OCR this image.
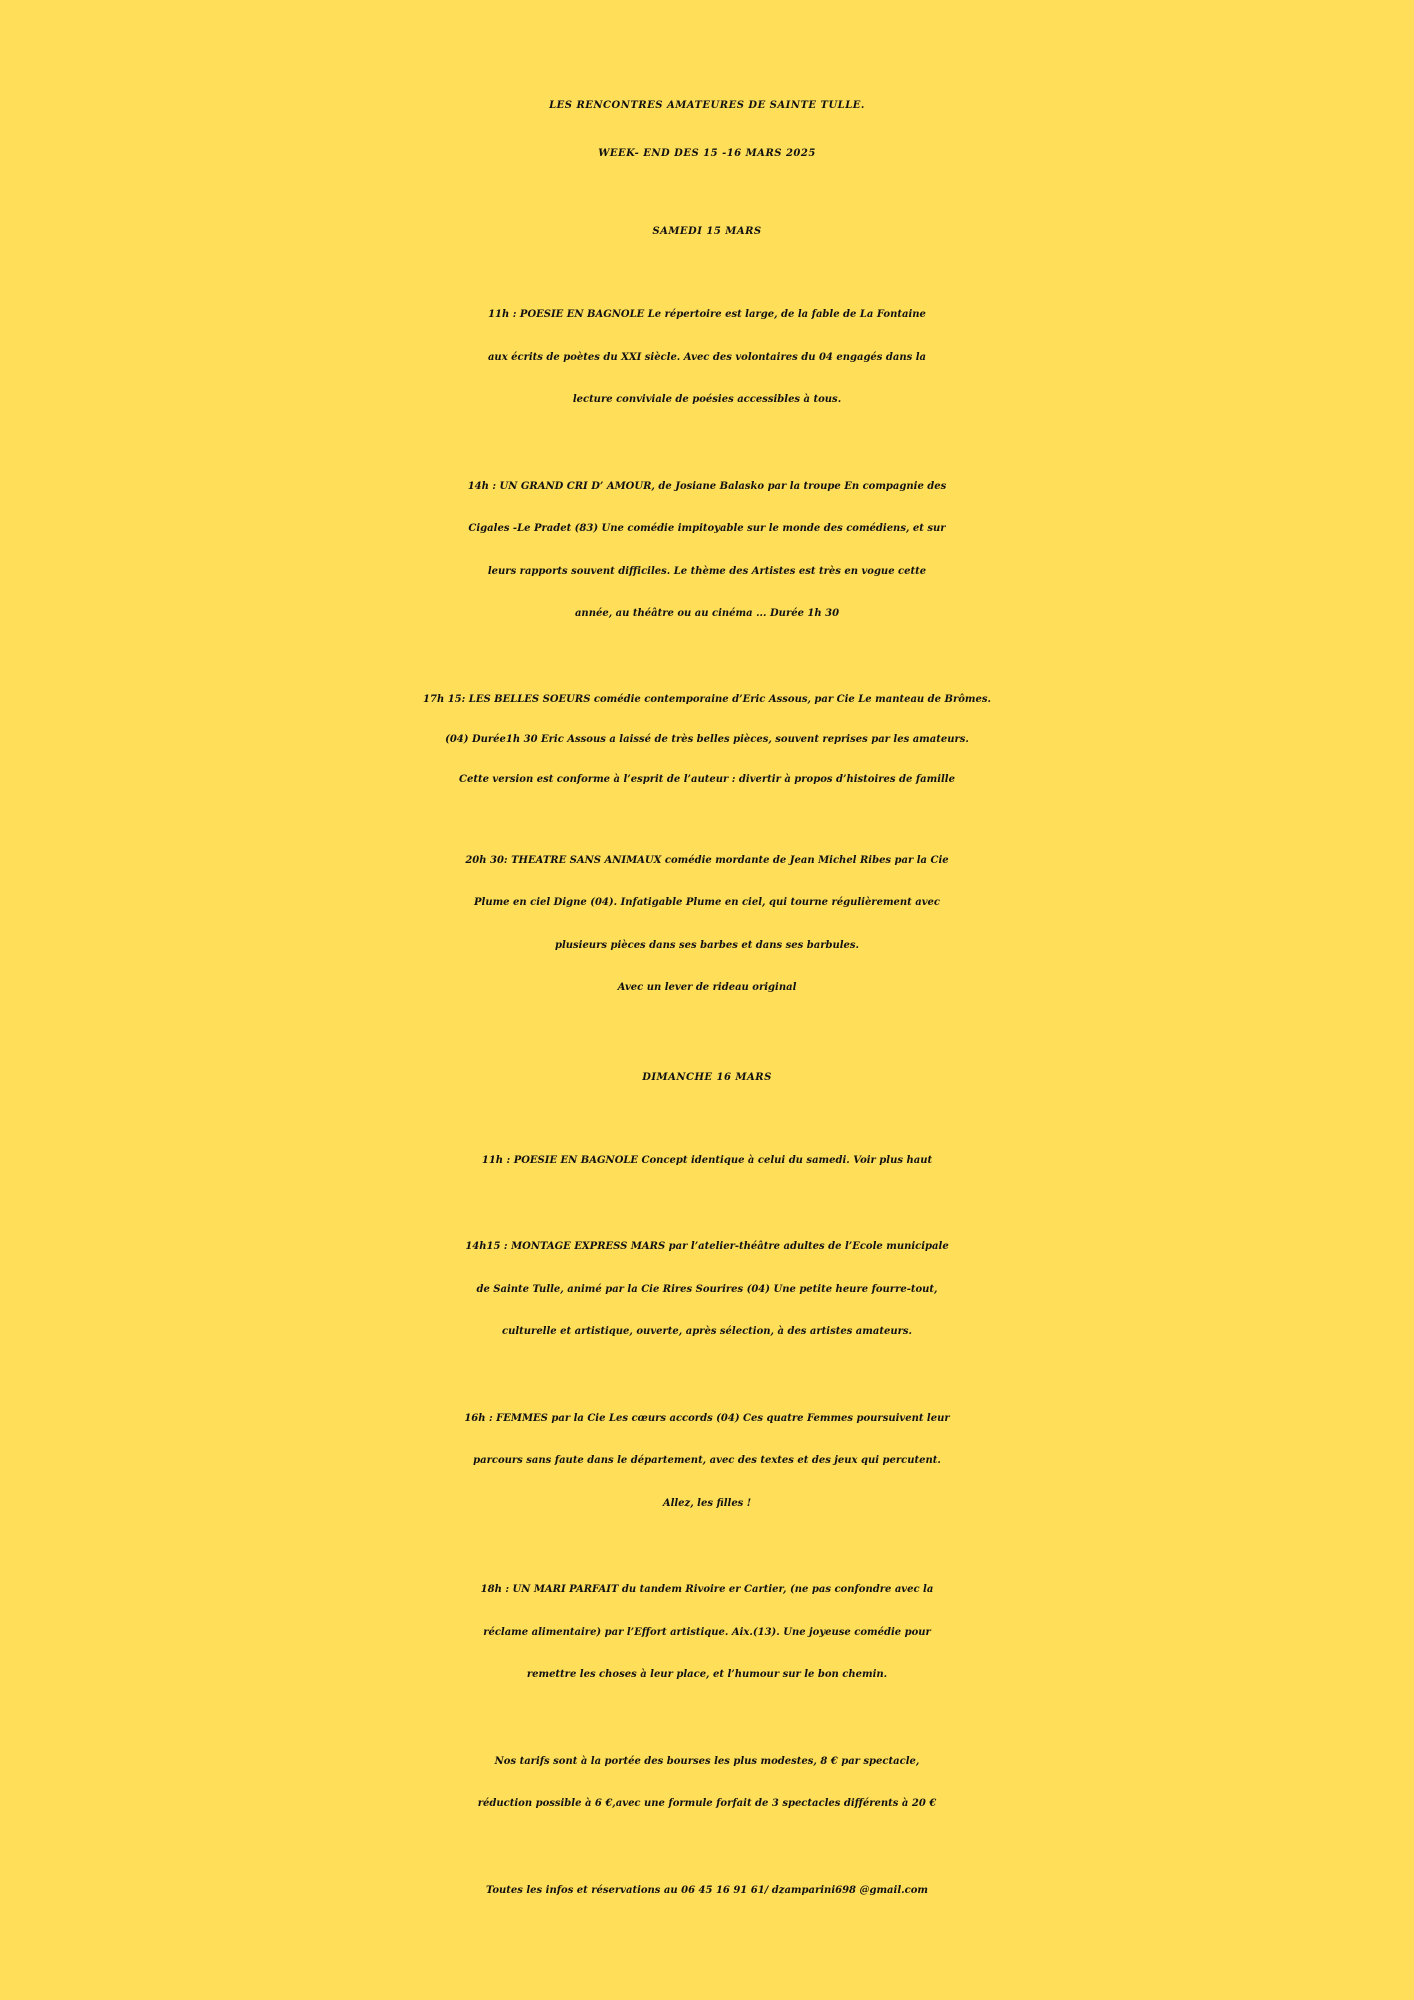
LES RENCONTRES AMATEURES DE SAINTE TULLE.
WEEK- END DES 15 -16 MARS 2025
SAMEDI 15 MARS
11h : POESIE EN BAGNOLE Le répertoire est large, de la fable de La Fontaine
aux écrits de poètes du XXI siècle. Avec des volontaires du 04 engagés dans la
lecture conviviale de poésies accessibles à tous.
14h : UN GRAND CRI D’ AMOUR, de Josiane Balasko par la troupe En compagnie des
Cigales -Le Pradet (83) Une comédie impitoyable sur le monde des comédiens, et sur
leurs rapports souvent difficiles. Le thème des Artistes est très en vogue cette
année, au théâtre ou au cinéma ... Durée 1h 30
17h 15: LES BELLES SOEURS comédie contemporaine d’Eric Assous, par Cie Le manteau de Brômes.
(04) Durée1h 30 Eric Assous a laissé de très belles pièces, souvent reprises par les amateurs.
Cette version est conforme à l’esprit de l’auteur : divertir à propos d’histoires de famille
20h 30: THEATRE SANS ANIMAUX comédie mordante de Jean Michel Ribes par la Cie
Plume en ciel Digne (04). Infatigable Plume en ciel, qui tourne régulièrement avec
plusieurs pièces dans ses barbes et dans ses barbules.
Avec un lever de rideau original
DIMANCHE 16 MARS
11h : POESIE EN BAGNOLE Concept identique à celui du samedi. Voir plus haut
14h15 : MONTAGE EXPRESS MARS par l’atelier-théâtre adultes de l’Ecole municipale
de Sainte Tulle, animé par la Cie Rires Sourires (04) Une petite heure fourre-tout,
culturelle et artistique, ouverte, après sélection, à des artistes amateurs.
16h : FEMMES par la Cie Les cœurs accords (04) Ces quatre Femmes poursuivent leur
parcours sans faute dans le département, avec des textes et des jeux qui percutent.
Allez, les filles !
18h : UN MARI PARFAIT du tandem Rivoire er Cartier, (ne pas confondre avec la
réclame alimentaire) par l’Effort artistique. Aix.(13). Une joyeuse comédie pour
remettre les choses à leur place, et l’humour sur le bon chemin.
Nos tarifs sont à la portée des bourses les plus modestes, 8 € par spectacle,
réduction possible à 6 €,avec une formule forfait de 3 spectacles différents à 20 €
Toutes les infos et réservations au 06 45 16 91 61/ dzamparini698 @gmail.com
